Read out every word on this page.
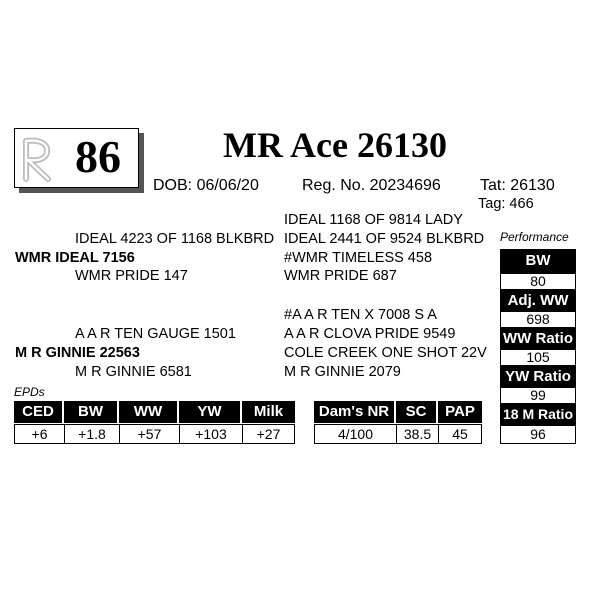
86	MR Ace 26130
DOB: 06/06/20	Reg. No. 20234696 Tat: 26130
Tag: 466
IDEAL 4223 OF 1168 BLKBRD
WMR IDEAL 7156
WMR PRIDE 147
A A R TEN GAUGE 1501
M R GINNIE 22563
M R GINNIE 6581
IDEAL 1168 OF 9814 LADY
IDEAL 2441 OF 9524 BLKBRD
#WMR TIMELESS 458
WMR PRIDE 687
#A A R TEN X 7008 S A
A A R CLOVA PRIDE 9549
COLE CREEK ONE SHOT 22V
M R GINNIE 2079
EPDs
CED	BW	WW	YW	Milk
+6	+1.8	+57	+103	+27
Dam's NR	SC	PAP
4/100	38.5	45
Performance
BW
80
Adj. WW
698
WW Ratio
105
YW Ratio
99
18 M Ratio
96
